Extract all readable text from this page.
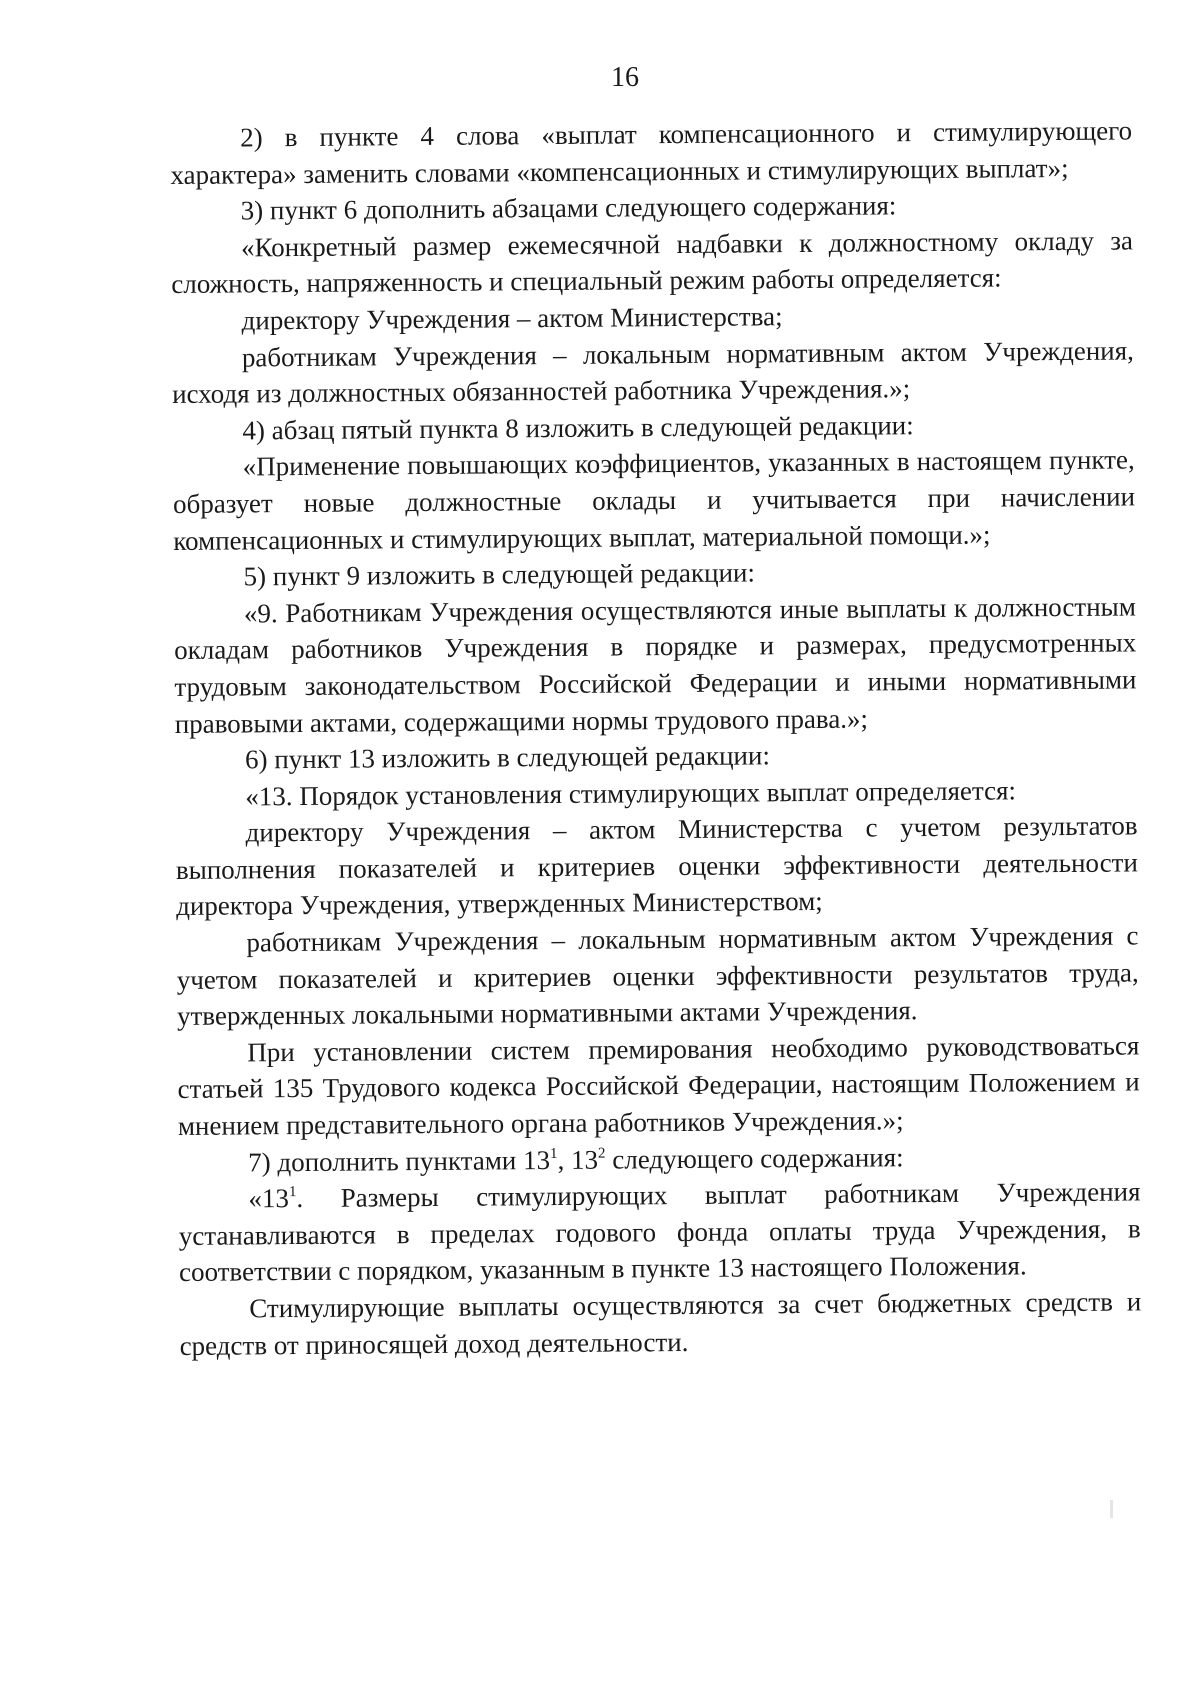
16

2) в пункте 4 слова «выплат компенсационного и стимулирующего характера» заменить словами «компенсационных и стимулирующих выплат»;

3) пункт 6 дополнить абзацами следующего содержания:

«Конкретный размер ежемесячной надбавки к должностному окладу за сложность, напряженность и специальный режим работы определяется:

директору Учреждения – актом Министерства;

работникам Учреждения – локальным нормативным актом Учреждения, исходя из должностных обязанностей работника Учреждения.»;

4) абзац пятый пункта 8 изложить в следующей редакции:

«Применение повышающих коэффициентов, указанных в настоящем пункте, образует новые должностные оклады и учитывается при начислении компенсационных и стимулирующих выплат, материальной помощи.»;

5) пункт 9 изложить в следующей редакции:

«9. Работникам Учреждения осуществляются иные выплаты к должностным окладам работников Учреждения в порядке и размерах, предусмотренных трудовым законодательством Российской Федерации и иными нормативными правовыми актами, содержащими нормы трудового права.»;

6) пункт 13 изложить в следующей редакции:

«13. Порядок установления стимулирующих выплат определяется:

директору Учреждения – актом Министерства с учетом результатов выполнения показателей и критериев оценки эффективности деятельности директора Учреждения, утвержденных Министерством;

работникам Учреждения – локальным нормативным актом Учреждения с учетом показателей и критериев оценки эффективности результатов труда, утвержденных локальными нормативными актами Учреждения.

При установлении систем премирования необходимо руководствоваться статьей 135 Трудового кодекса Российской Федерации, настоящим Положением и мнением представительного органа работников Учреждения.»;

7) дополнить пунктами $13^1$, $13^2$ следующего содержания:

«$13^1$. Размеры стимулирующих выплат работникам Учреждения устанавливаются в пределах годового фонда оплаты труда Учреждения, в соответствии с порядком, указанным в пункте 13 настоящего Положения.

Стимулирующие выплаты осуществляются за счет бюджетных средств и средств от приносящей доход деятельности.
